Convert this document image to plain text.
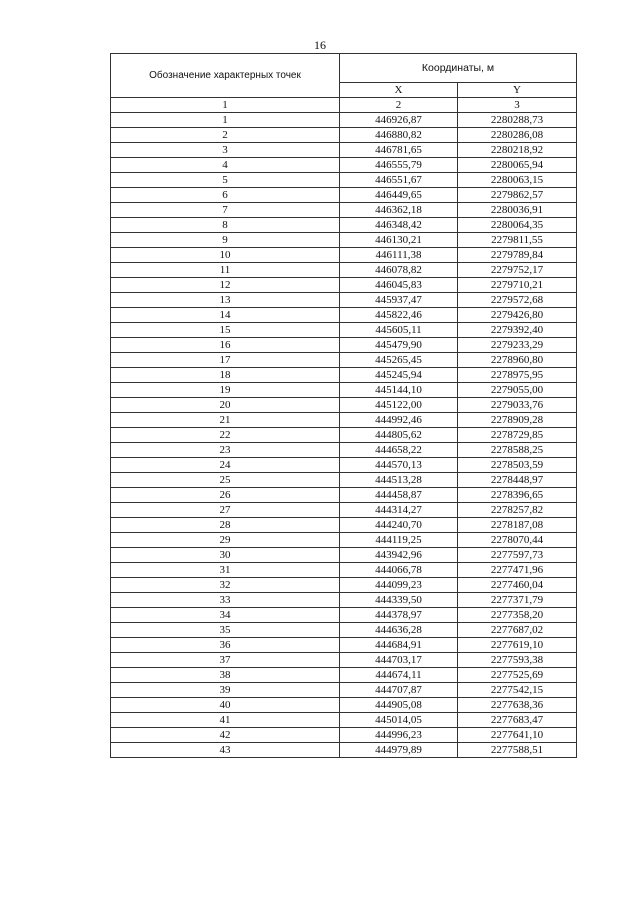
16
Обозначение характерных точек	Координаты, м	
	X	Y
1	2	3
1	446926,87	2280288,73
2	446880,82	2280286,08
3	446781,65	2280218,92
4	446555,79	2280065,94
5	446551,67	2280063,15
6	446449,65	2279862,57
7	446362,18	2280036,91
8	446348,42	2280064,35
9	446130,21	2279811,55
10	446111,38	2279789,84
11	446078,82	2279752,17
12	446045,83	2279710,21
13	445937,47	2279572,68
14	445822,46	2279426,80
15	445605,11	2279392,40
16	445479,90	2279233,29
17	445265,45	2278960,80
18	445245,94	2278975,95
19	445144,10	2279055,00
20	445122,00	2279033,76
21	444992,46	2278909,28
22	444805,62	2278729,85
23	444658,22	2278588,25
24	444570,13	2278503,59
25	444513,28	2278448,97
26	444458,87	2278396,65
27	444314,27	2278257,82
28	444240,70	2278187,08
29	444119,25	2278070,44
30	443942,96	2277597,73
31	444066,78	2277471,96
32	444099,23	2277460,04
33	444339,50	2277371,79
34	444378,97	2277358,20
35	444636,28	2277687,02
36	444684,91	2277619,10
37	444703,17	2277593,38
38	444674,11	2277525,69
39	444707,87	2277542,15
40	444905,08	2277638,36
41	445014,05	2277683,47
42	444996,23	2277641,10
43	444979,89	2277588,51
